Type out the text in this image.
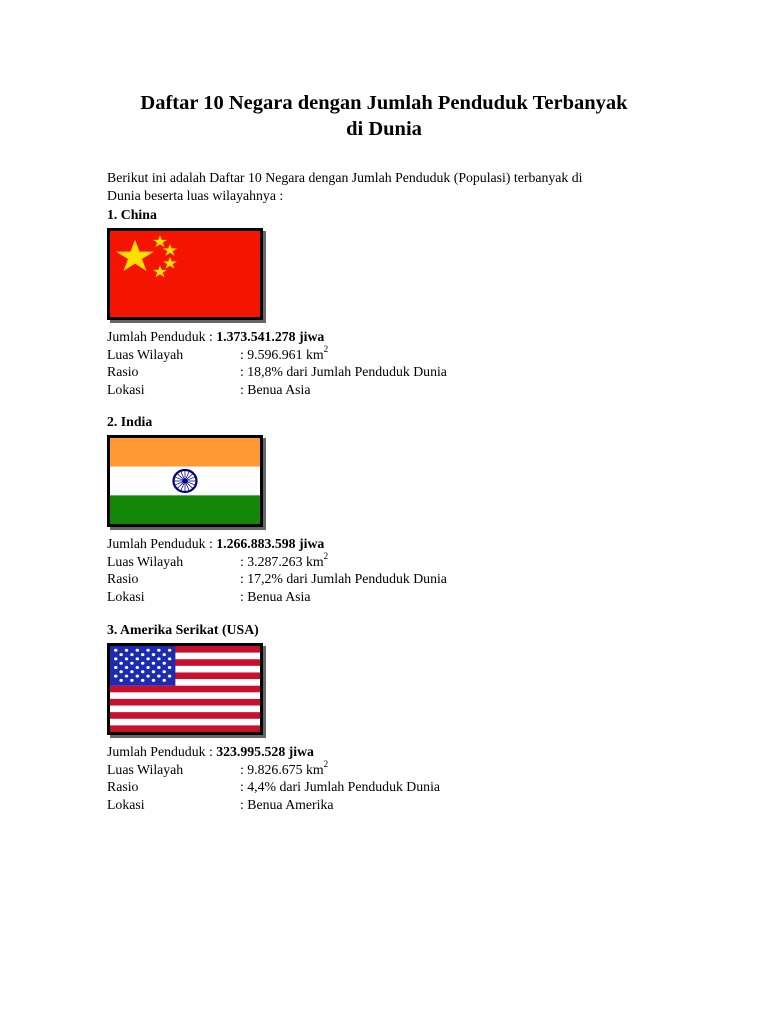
Daftar 10 Negara dengan Jumlah Penduduk Terbanyak
di Dunia
Berikut ini adalah Daftar 10 Negara dengan Jumlah Penduduk (Populasi) terbanyak di
Dunia beserta luas wilayahnya :
1. China
Jumlah Penduduk : 1.373.541.278 jiwa
Luas Wilayah	: 9.596.961 $km^2$
Rasio	: 18,8% dari Jumlah Penduduk Dunia
Lokasi	: Benua Asia
2. India
Jumlah Penduduk : 1.266.883.598 jiwa
Luas Wilayah	: 3.287.263 $km^2$
Rasio	: 17,2% dari Jumlah Penduduk Dunia
Lokasi	: Benua Asia
3. Amerika Serikat (USA)
Jumlah Penduduk : 323.995.528 jiwa
Luas Wilayah	: 9.826.675 $km^2$
Rasio	: 4,4% dari Jumlah Penduduk Dunia
Lokasi	: Benua Amerika
